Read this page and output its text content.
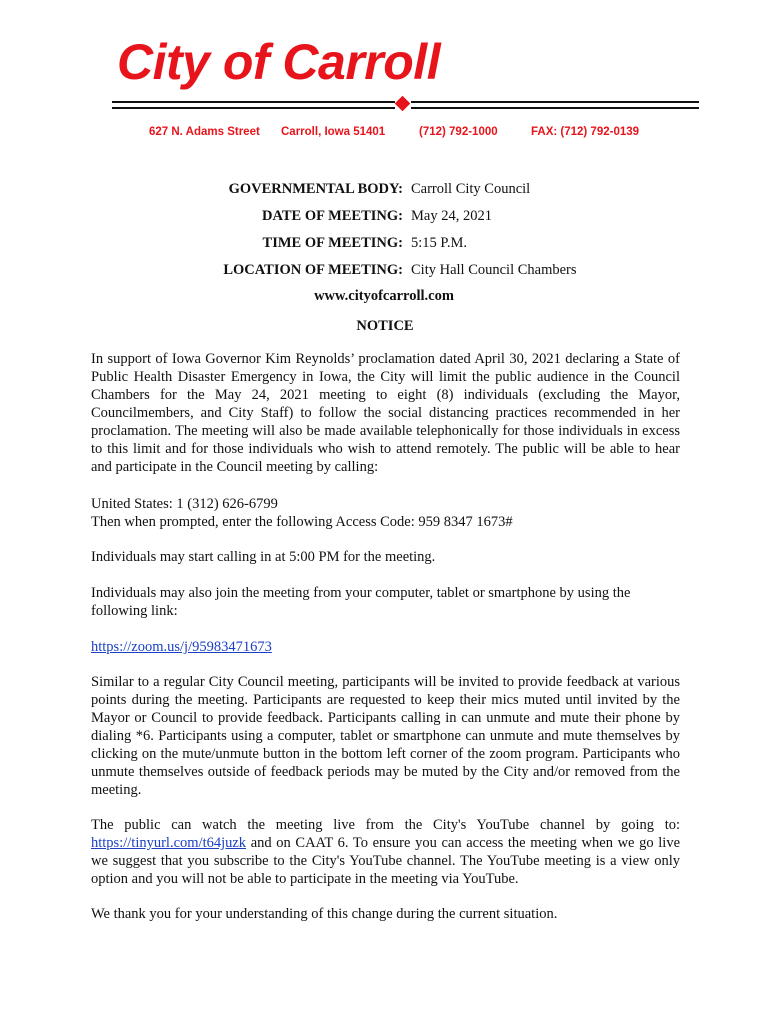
City of Carroll
627 N. Adams Street Carroll, Iowa 51401	(712) 792-1000	FAX: (712) 792-0139
GOVERNMENTAL BODY: Carroll City Council
DATE OF MEETING: May 24, 2021
TIME OF MEETING: 5:15 P.M.
LOCATION OF MEETING: City Hall Council Chambers
www.cityofcarroll.com
NOTICE

In support of Iowa Governor Kim Reynolds’ proclamation dated April 30, 2021 declaring a State of Public Health Disaster Emergency in Iowa, the City will limit the public audience in the Council Chambers for the May 24, 2021 meeting to eight (8) individuals (excluding the Mayor, Councilmembers, and City Staff) to follow the social distancing practices recommended in her proclamation. The meeting will also be made available telephonically for those individuals in excess to this limit and for those individuals who wish to attend remotely. The public will be able to hear and participate in the Council meeting by calling:

United States: 1 (312) 626-6799
Then when prompted, enter the following Access Code: 959 8347 1673#

Individuals may start calling in at 5:00 PM for the meeting.

Individuals may also join the meeting from your computer, tablet or smartphone by using the following link:

https://zoom.us/j/95983471673

Similar to a regular City Council meeting, participants will be invited to provide feedback at various points during the meeting. Participants are requested to keep their mics muted until invited by the Mayor or Council to provide feedback. Participants calling in can unmute and mute their phone by dialing *6. Participants using a computer, tablet or smartphone can unmute and mute themselves by clicking on the mute/unmute button in the bottom left corner of the zoom program. Participants who unmute themselves outside of feedback periods may be muted by the City and/or removed from the meeting.

The public can watch the meeting live from the City's YouTube channel by going to: https://tinyurl.com/t64juzk and on CAAT 6. To ensure you can access the meeting when we go live we suggest that you subscribe to the City's YouTube channel. The YouTube meeting is a view only option and you will not be able to participate in the meeting via YouTube.

We thank you for your understanding of this change during the current situation.
